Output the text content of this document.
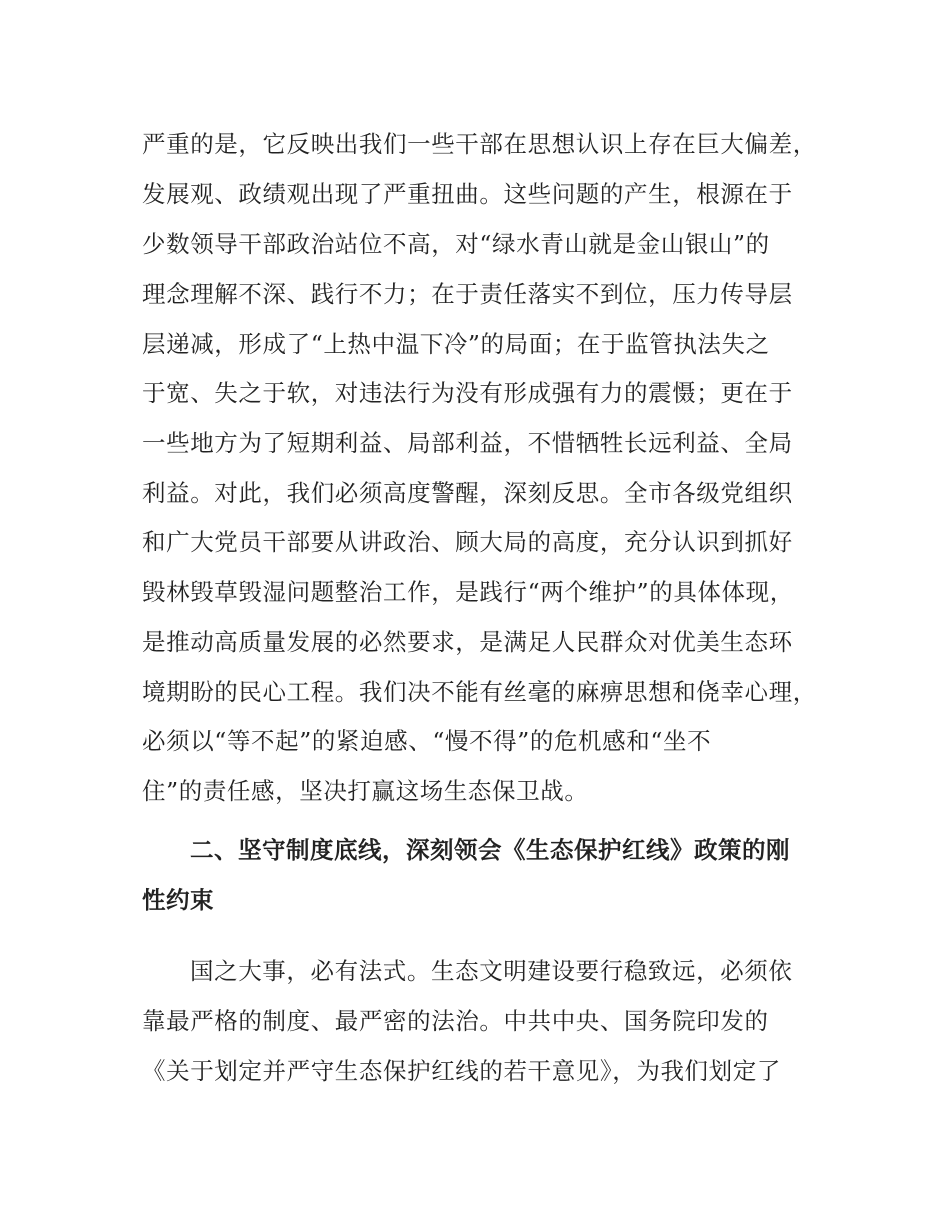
严重的是，它反映出我们一些干部在思想认识上存在巨大偏差，
发展观、政绩观出现了严重扭曲。这些问题的产生，根源在于
少数领导干部政治站位不高，对“绿水青山就是金山银山”的
理念理解不深、践行不力；在于责任落实不到位，压力传导层
层递减，形成了“上热中温下冷”的局面；在于监管执法失之
于宽、失之于软，对违法行为没有形成强有力的震慑；更在于
一些地方为了短期利益、局部利益，不惜牺牲长远利益、全局
利益。对此，我们必须高度警醒，深刻反思。全市各级党组织
和广大党员干部要从讲政治、顾大局的高度，充分认识到抓好
毁林毁草毁湿问题整治工作，是践行“两个维护”的具体体现，
是推动高质量发展的必然要求，是满足人民群众对优美生态环
境期盼的民心工程。我们决不能有丝毫的麻痹思想和侥幸心理，
必须以“等不起”的紧迫感、“慢不得”的危机感和“坐不
住”的责任感，坚决打赢这场生态保卫战。
二、坚守制度底线，深刻领会《生态保护红线》政策的刚
性约束
国之大事，必有法式。生态文明建设要行稳致远，必须依
靠最严格的制度、最严密的法治。中共中央、国务院印发的
《关于划定并严守生态保护红线的若干意见》，为我们划定了
